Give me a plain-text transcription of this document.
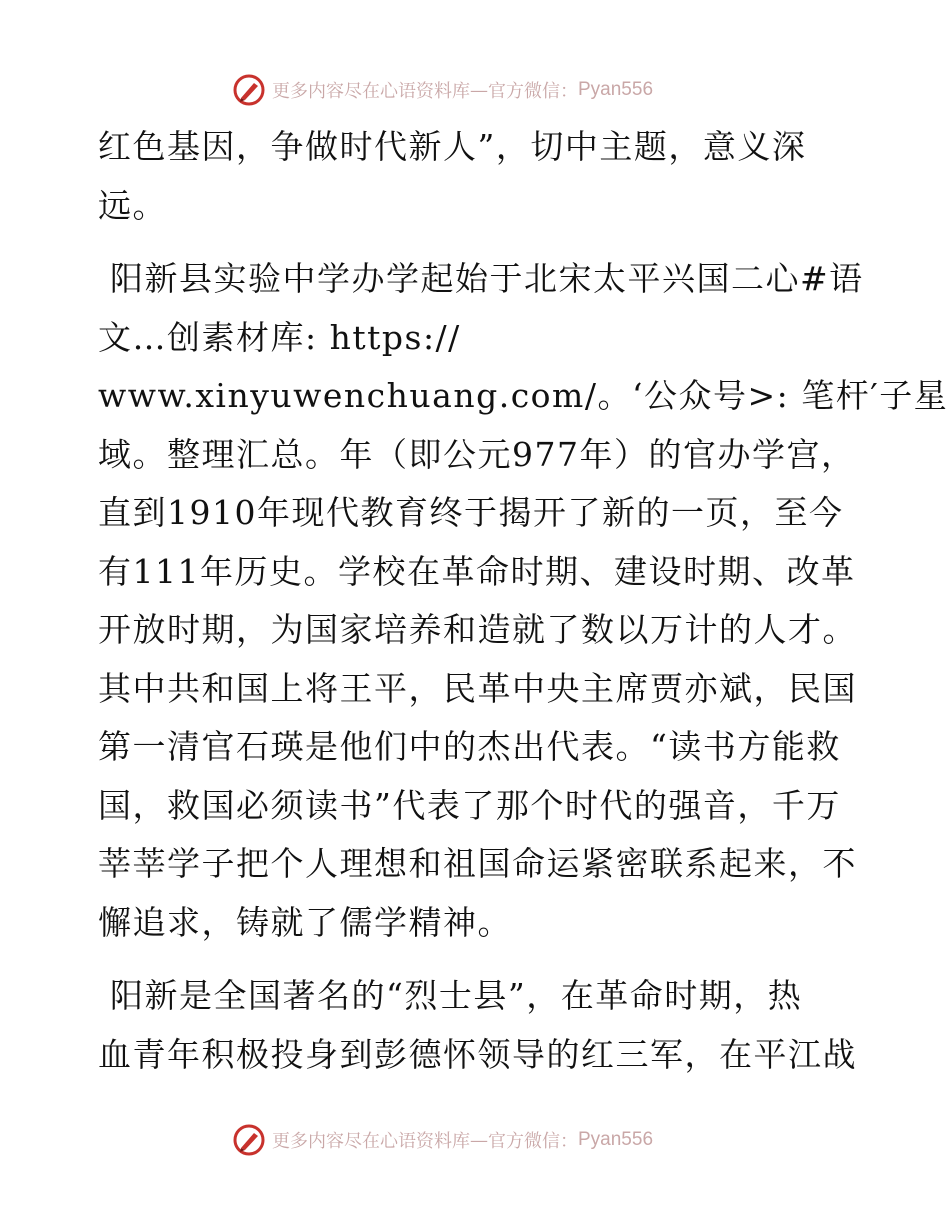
更多内容尽在心语资料库 — 官方微信： Pyan556
红色基因，争做时代新人”，切中主题，意义深
远。
阳新县实验中学办学起始于北宋太平兴国二心#语
文…创素材库: https://
www.xinyuwenchuang.com/。‘公众号>: 笔杆′子星
域。整理汇总。年（即公元977年）的官办学宫，
直到1910年现代教育终于揭开了新的一页，至今
有111年历史。学校在革命时期、建设时期、改革
开放时期，为国家培养和造就了数以万计的人才。
其中共和国上将王平，民革中央主席贾亦斌，民国
第一清官石瑛是他们中的杰出代表。“读书方能救
国，救国必须读书”代表了那个时代的强音，千万
莘莘学子把个人理想和祖国命运紧密联系起来，不
懈追求，铸就了儒学精神。
阳新是全国著名的“烈士县”，在革命时期，热
血青年积极投身到彭德怀领导的红三军，在平江战
更多内容尽在心语资料库 — 官方微信： Pyan556
